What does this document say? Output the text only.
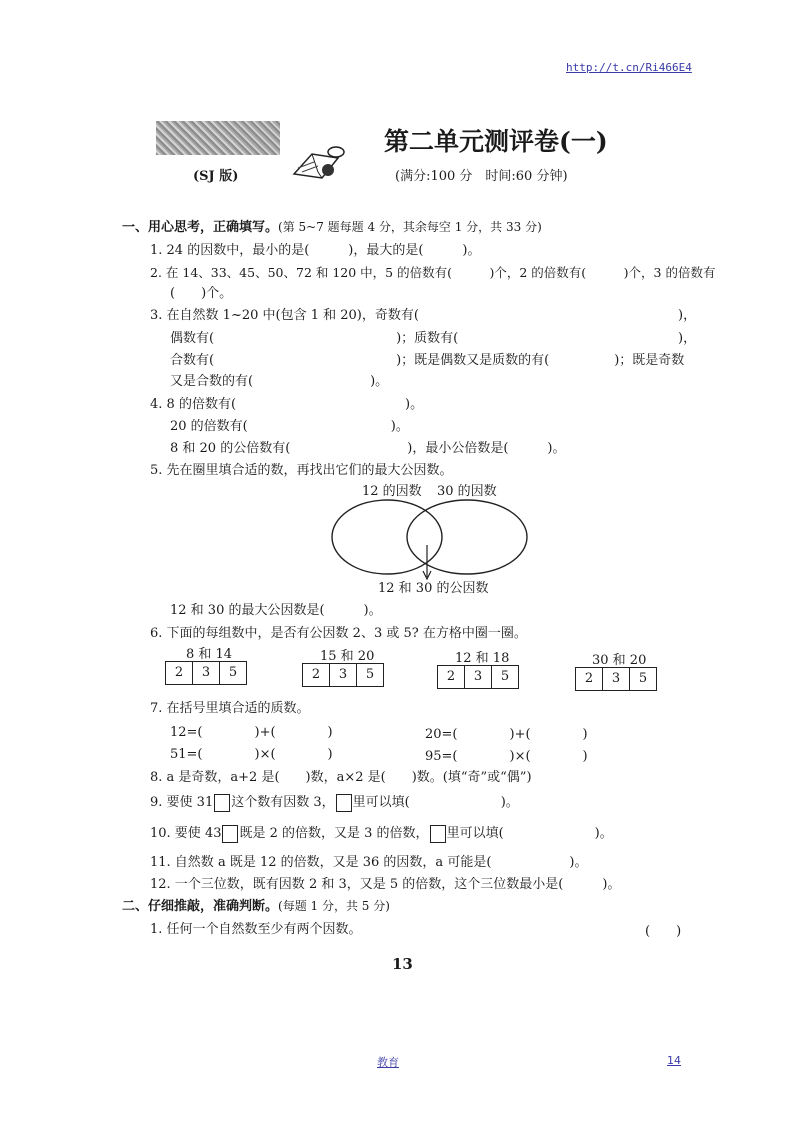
http://t.cn/Ri466E4
第二单元测评卷(一)
(SJ 版)	(满分:100 分　时间:60 分钟)
一、用心思考，正确填写。(第 5~7 题每题 4 分，其余每空 1 分，共 33 分)
1. 24 的因数中，最小的是(　　　)，最大的是(　　　)。
2. 在 14、33、45、50、72 和 120 中，5 的倍数有(　　　)个，2 的倍数有(　　　)个，3 的倍数有
(　　)个。
3. 在自然数 1~20 中(包含 1 和 20)，奇数有(	)，
偶数有(　　　　　　　　　　　　　　)；质数有(	)，
合数有(　　　　　　　　　　　　　　)；既是偶数又是质数的有(　　　　　)；既是奇数
又是合数的有(　　　　　　　　　)。
4. 8 的倍数有(　　　　　　　　　　　　　)。
20 的倍数有(　　　　　　　　　　　)。
8 和 20 的公倍数有(　　　　　　　　　)，最小公倍数是(　　　)。
5. 先在圈里填合适的数，再找出它们的最大公因数。
12 的因数 30 的因数
12 和 30 的公因数
12 和 30 的最大公因数是(　　　)。
6. 下面的每组数中，是否有公因数 2、3 或 5? 在方格中圈一圈。
8 和 14
2	3	5
15 和 20
2	3	5
12 和 18
2	3	5
30 和 20
2	3	5
7. 在括号里填合适的质数。
12=(　　　　)+(　　　　)	20=(　　　　)+(　　　　)
51=(　　　　)×(　　　　)	95=(　　　　)×(　　　　)
8. a 是奇数，a+2 是(　　)数，a×2 是(　　)数。(填“奇”或“偶”)
9. 要使 31 这个数有因数 3， 里可以填(　　　　　　　)。
10. 要使 43 既是 2 的倍数，又是 3 的倍数， 里可以填(　　　　　　　)。
11. 自然数 a 既是 12 的倍数，又是 36 的因数，a 可能是(　　　　　　)。
12. 一个三位数，既有因数 2 和 3，又是 5 的倍数，这个三位数最小是(　　　)。
二、仔细推敲，准确判断。(每题 1 分，共 5 分)
1. 任何一个自然数至少有两个因数。	(　　)
13
教育	14
